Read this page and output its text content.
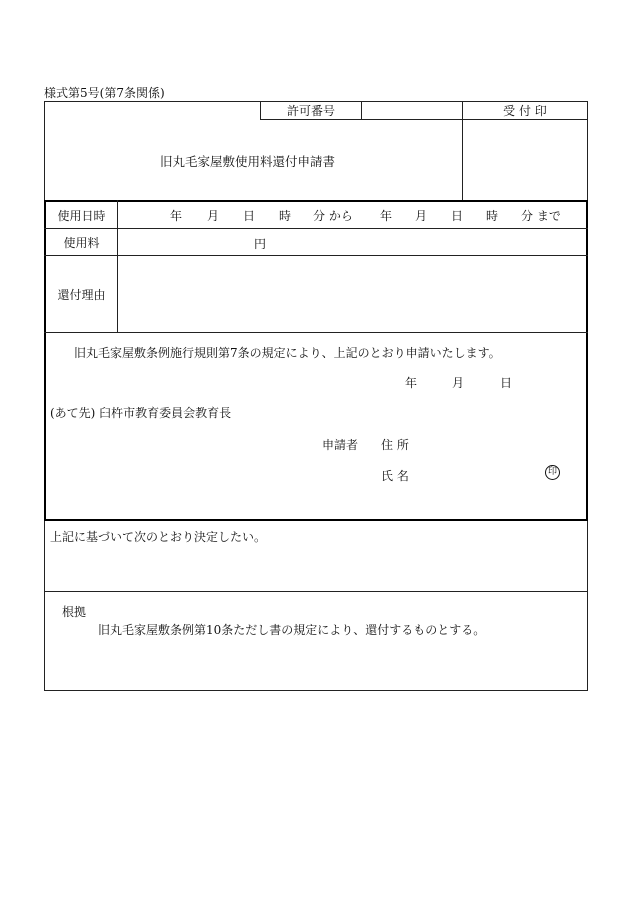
様式第5号(第7条関係)
許可番号	受 付 印
旧丸毛家屋敷使用料還付申請書
使用日時	年 月 日 時 分 から 年 月 日 時 分 まで
使用料	円
還付理由
旧丸毛家屋敷条例施行規則第7条の規定により、上記のとおり申請いたします。
年	月	日
(あて先) 臼杵市教育委員会教育長
申請者 住 所
氏 名	印
上記に基づいて次のとおり決定したい。
根拠
旧丸毛家屋敷条例第10条ただし書の規定により、還付するものとする。
